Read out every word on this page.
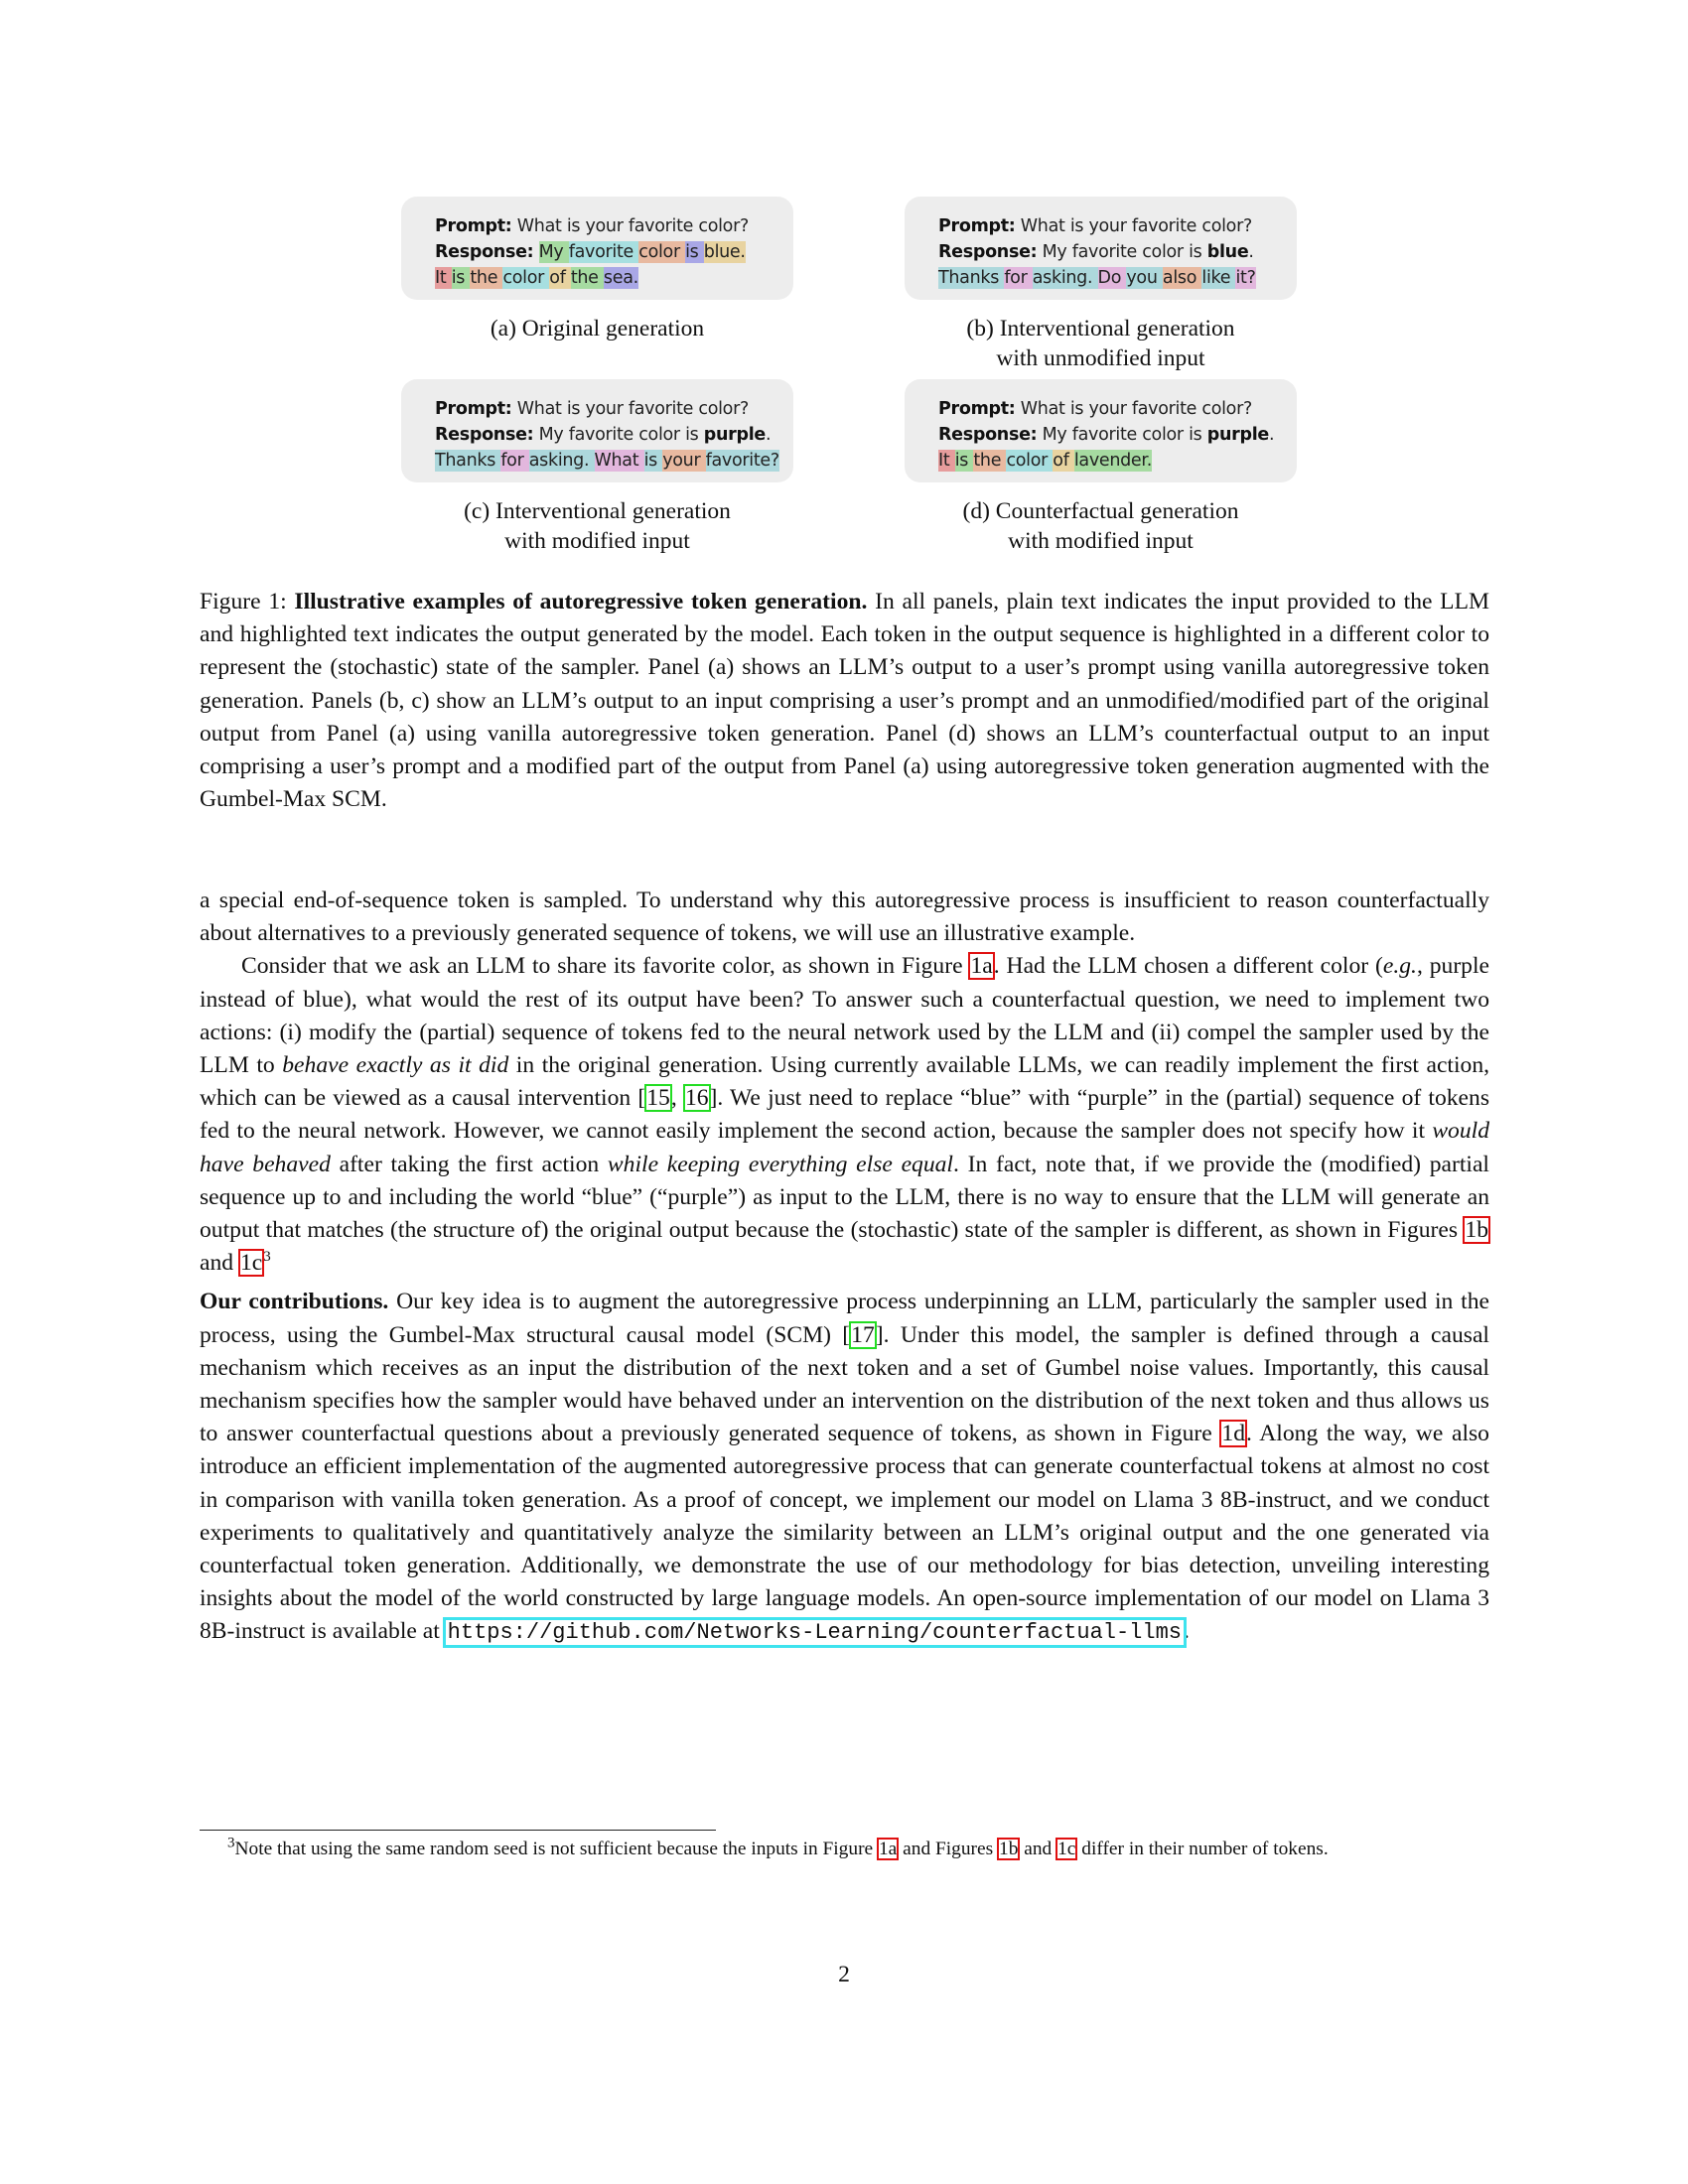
Prompt: What is your favorite color?
Response: My favorite color is blue.
It is the color of the sea.
(a) Original generation
Prompt: What is your favorite color?
Response: My favorite color is blue.
Thanks for asking. Do you also like it?
(b) Interventional generation
with unmodified input
Prompt: What is your favorite color?
Response: My favorite color is purple.
Thanks for asking. What is your favorite?
(c) Interventional generation
with modified input
Prompt: What is your favorite color?
Response: My favorite color is purple.
It is the color of lavender.
(d) Counterfactual generation
with modified input

Figure 1: Illustrative examples of autoregressive token generation. In all panels, plain text indicates the input provided to the LLM and highlighted text indicates the output generated by the model. Each token in the output sequence is highlighted in a different color to represent the (stochastic) state of the sampler. Panel (a) shows an LLM’s output to a user’s prompt using vanilla autoregressive token generation. Panels (b, c) show an LLM’s output to an input comprising a user’s prompt and an unmodified/modified part of the original output from Panel (a) using vanilla autoregressive token generation. Panel (d) shows an LLM’s counterfactual output to an input comprising a user’s prompt and a modified part of the output from Panel (a) using autoregressive token generation augmented with the Gumbel-Max SCM.

a special end-of-sequence token is sampled. To understand why this autoregressive process is insufficient to reason counterfactually about alternatives to a previously generated sequence of tokens, we will use an illustrative example.

Consider that we ask an LLM to share its favorite color, as shown in Figure 1a. Had the LLM chosen a different color (e.g., purple instead of blue), what would the rest of its output have been? To answer such a counterfactual question, we need to implement two actions: (i) modify the (partial) sequence of tokens fed to the neural network used by the LLM and (ii) compel the sampler used by the LLM to behave exactly as it did in the original generation. Using currently available LLMs, we can readily implement the first action, which can be viewed as a causal intervention [15, 16]. We just need to replace “blue” with “purple” in the (partial) sequence of tokens fed to the neural network. However, we cannot easily implement the second action, because the sampler does not specify how it would have behaved after taking the first action while keeping everything else equal. In fact, note that, if we provide the (modified) partial sequence up to and including the world “blue” (“purple”) as input to the LLM, there is no way to ensure that the LLM will generate an output that matches (the structure of) the original output because the (stochastic) state of the sampler is different, as shown in Figures 1b and $1c^3$

Our contributions. Our key idea is to augment the autoregressive process underpinning an LLM, particularly the sampler used in the process, using the Gumbel-Max structural causal model (SCM) [17]. Under this model, the sampler is defined through a causal mechanism which receives as an input the distribution of the next token and a set of Gumbel noise values. Importantly, this causal mechanism specifies how the sampler would have behaved under an intervention on the distribution of the next token and thus allows us to answer counterfactual questions about a previously generated sequence of tokens, as shown in Figure 1d. Along the way, we also introduce an efficient implementation of the augmented autoregressive process that can generate counterfactual tokens at almost no cost in comparison with vanilla token generation. As a proof of concept, we implement our model on Llama 3 8B-instruct, and we conduct experiments to qualitatively and quantitatively analyze the similarity between an LLM’s original output and the one generated via counterfactual token generation. Additionally, we demonstrate the use of our methodology for bias detection, unveiling interesting insights about the model of the world constructed by large language models. An open-source implementation of our model on Llama 3 8B-instruct is available at https://github.com/Networks-Learning/counterfactual-llms.

$^3$Note that using the same random seed is not sufficient because the inputs in Figure 1a and Figures 1b and 1c differ in their number of tokens.
2
